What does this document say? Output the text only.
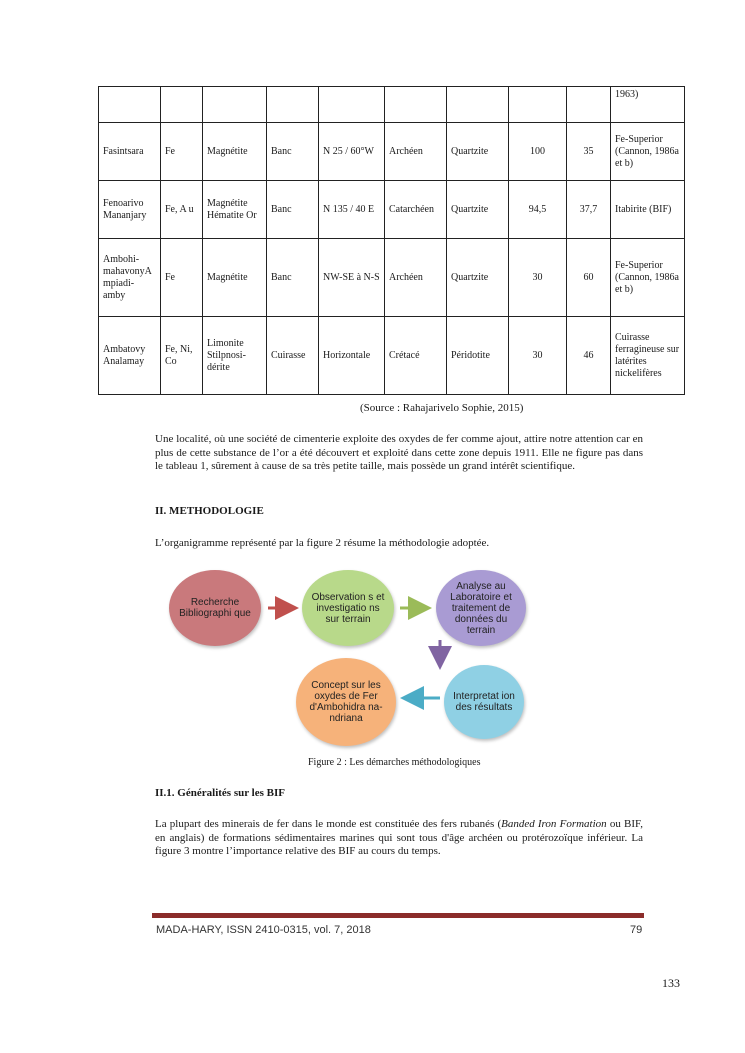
									1963)
Fasintsara	Fe	Magnétite	Banc	N 25 / 60°W	Archéen	Quartzite	100	35	Fe-Superior (Cannon, 1986a et b)
Fenoarivo Mananjary	Fe, A u	Magnétite Hématite Or	Banc	N 135 / 40 E	Catarchéen	Quartzite	94,5	37,7	Itabirite (BIF)
Ambohi-mahavonyA mpiadi-amby	Fe	Magnétite	Banc	NW-SE à N-S	Archéen	Quartzite	30	60	Fe-Superior (Cannon, 1986a et b)
Ambatovy Analamay	Fe, Ni, Co	Limonite Stilpnosi-dérite	Cuirasse	Horizontale	Crétacé	Péridotite	30	46	Cuirasse ferragineuse sur latérites nickelifères
(Source : Rahajarivelo Sophie, 2015)
Une localité, où une société de cimenterie exploite des oxydes de fer comme ajout, attire notre attention car en plus de cette substance de l’or a été découvert et exploité dans cette zone depuis 1911. Elle ne figure pas dans le tableau 1, sûrement à cause de sa très petite taille, mais possède un grand intérêt scientifique.
II. METHODOLOGIE
L’organigramme représenté par la figure 2 résume la méthodologie adoptée.
Recherche Bibliographi que
Observation s et investigatio ns sur terrain
Analyse au Laboratoire et traitement de données du terrain
Interpretat ion des résultats
Concept sur les oxydes de Fer d'Ambohidra na-ndriana
Figure 2 : Les démarches méthodologiques
II.1. Généralités sur les BIF
La plupart des minerais de fer dans le monde est constituée des fers rubanés (Banded Iron Formation ou BIF, en anglais) de formations sédimentaires marines qui sont tous d'âge archéen ou protérozoïque inférieur. La figure 3 montre l’importance relative des BIF au cours du temps.
MADA-HARY, ISSN 2410-0315, vol. 7, 2018	79
133
